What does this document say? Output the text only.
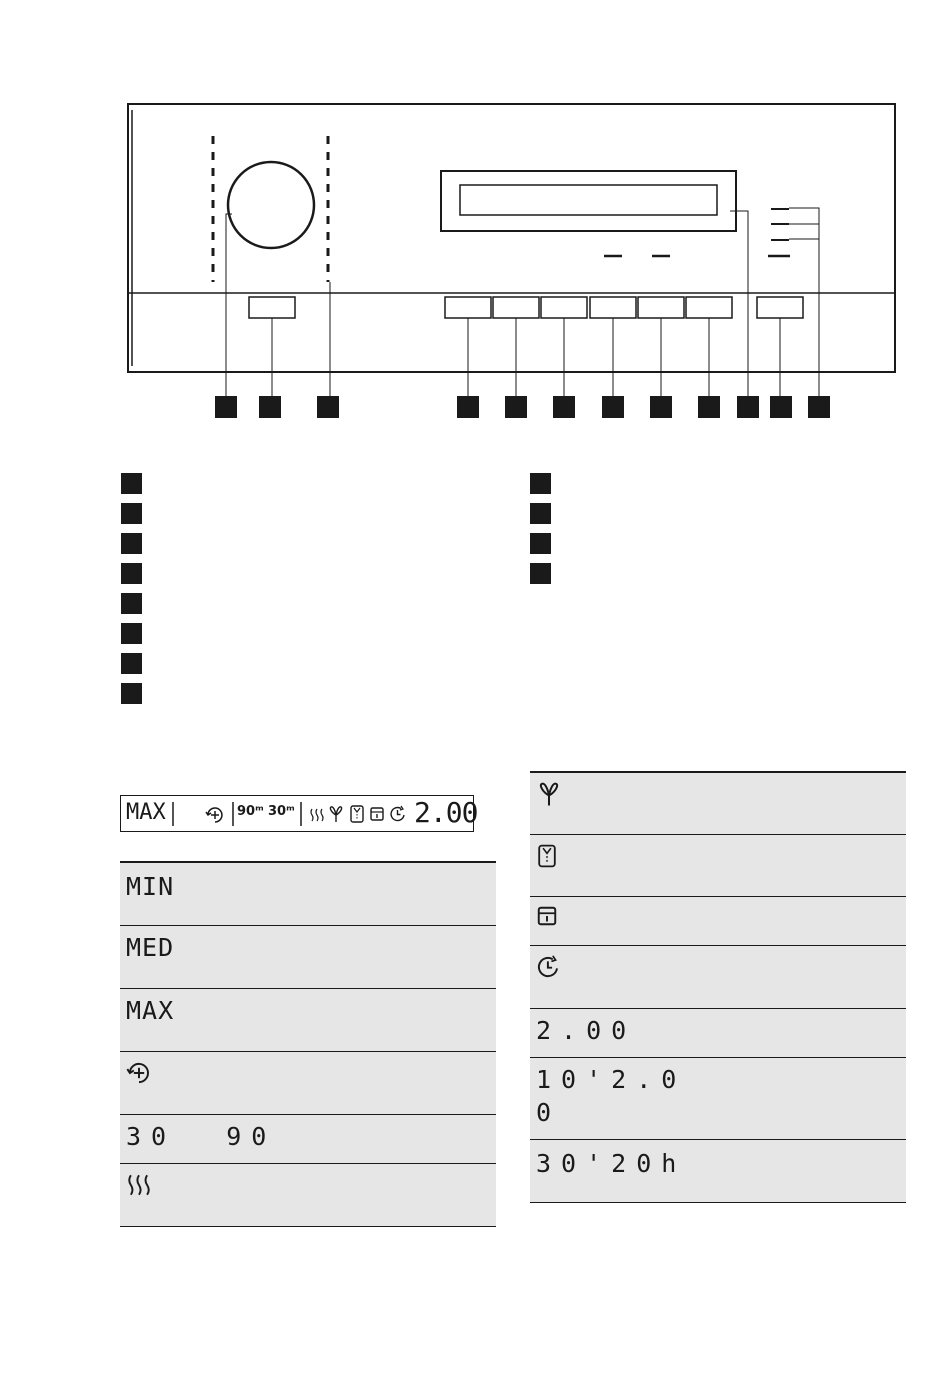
MAX	90ᵐ 30ᵐ	2.00
MIN
MED
MAX
30  90
2.00
10'2.0
0
30'20h
